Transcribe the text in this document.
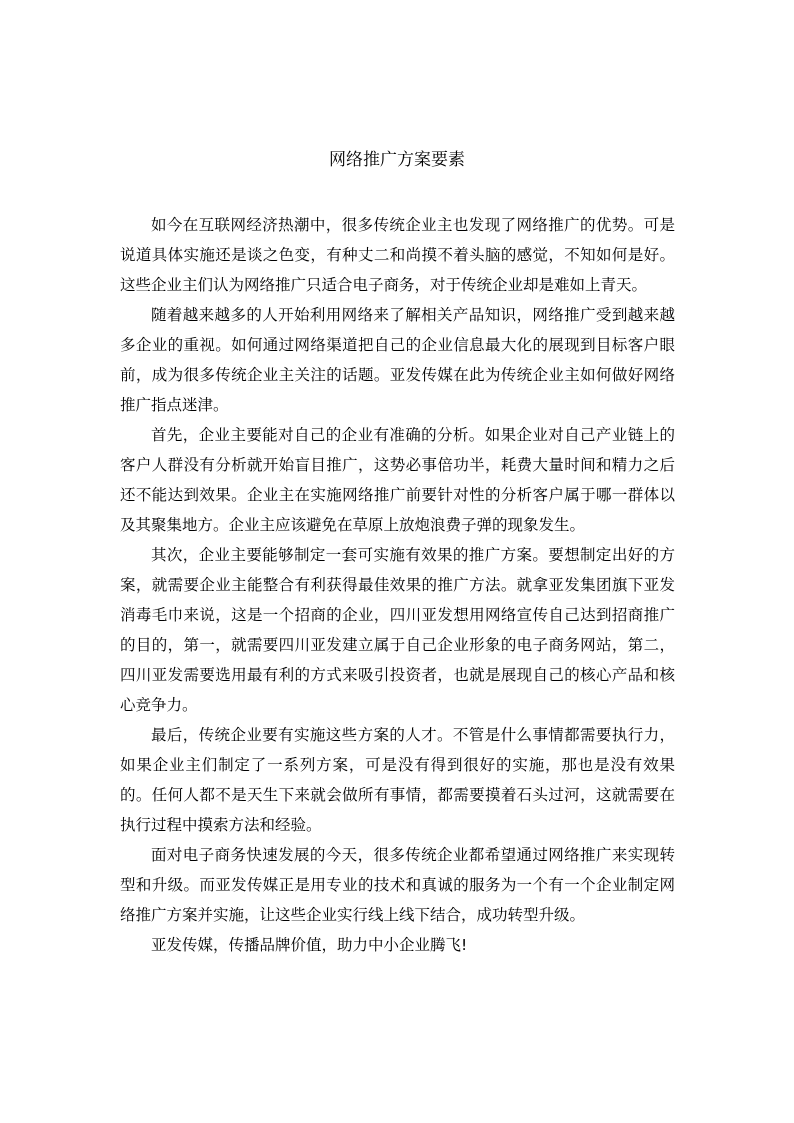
网络推广方案要素

如今在互联网经济热潮中，很多传统企业主也发现了网络推广的优势。可是说道具体实施还是谈之色变，有种丈二和尚摸不着头脑的感觉，不知如何是好。这些企业主们认为网络推广只适合电子商务，对于传统企业却是难如上青天。

随着越来越多的人开始利用网络来了解相关产品知识，网络推广受到越来越多企业的重视。如何通过网络渠道把自己的企业信息最大化的展现到目标客户眼前，成为很多传统企业主关注的话题。亚发传媒在此为传统企业主如何做好网络推广指点迷津。

首先，企业主要能对自己的企业有准确的分析。如果企业对自己产业链上的客户人群没有分析就开始盲目推广，这势必事倍功半，耗费大量时间和精力之后还不能达到效果。企业主在实施网络推广前要针对性的分析客户属于哪一群体以及其聚集地方。企业主应该避免在草原上放炮浪费子弹的现象发生。

其次，企业主要能够制定一套可实施有效果的推广方案。要想制定出好的方案，就需要企业主能整合有利获得最佳效果的推广方法。就拿亚发集团旗下亚发消毒毛巾来说，这是一个招商的企业，四川亚发想用网络宣传自己达到招商推广的目的，第一，就需要四川亚发建立属于自己企业形象的电子商务网站，第二，四川亚发需要选用最有利的方式来吸引投资者，也就是展现自己的核心产品和核心竞争力。

最后，传统企业要有实施这些方案的人才。不管是什么事情都需要执行力，如果企业主们制定了一系列方案，可是没有得到很好的实施，那也是没有效果的。任何人都不是天生下来就会做所有事情，都需要摸着石头过河，这就需要在执行过程中摸索方法和经验。

面对电子商务快速发展的今天，很多传统企业都希望通过网络推广来实现转型和升级。而亚发传媒正是用专业的技术和真诚的服务为一个有一个企业制定网络推广方案并实施，让这些企业实行线上线下结合，成功转型升级。

亚发传媒，传播品牌价值，助力中小企业腾飞!
